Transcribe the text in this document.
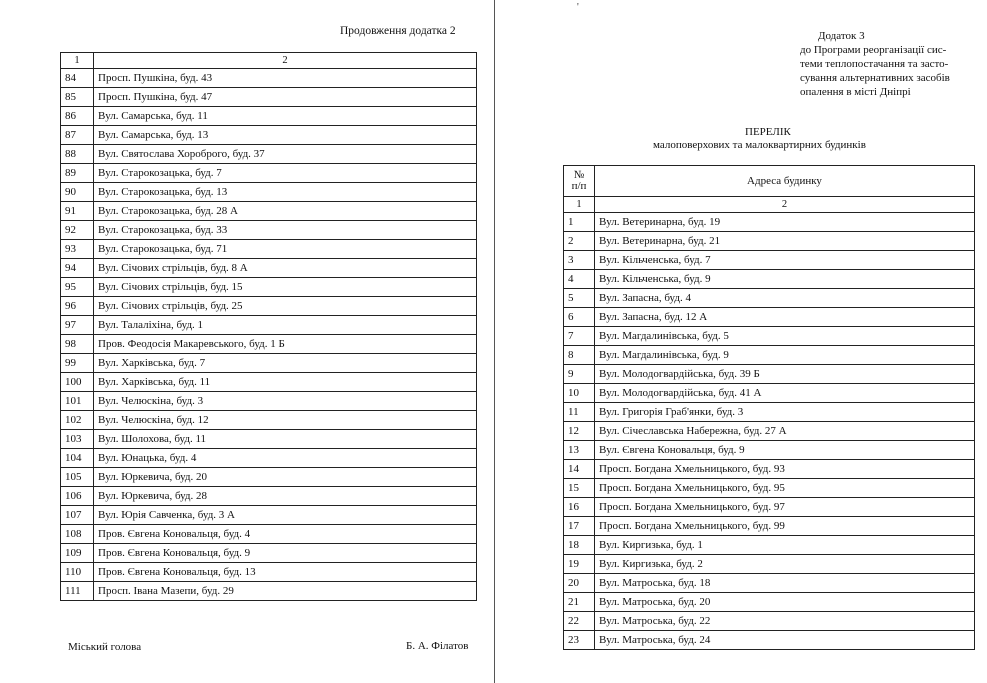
Продовження додатка 2
1	2
84	Просп. Пушкіна, буд. 43
85	Просп. Пушкіна, буд. 47
86	Вул. Самарська, буд. 11
87	Вул. Самарська, буд. 13
88	Вул. Святослава Хороброго, буд. 37
89	Вул. Старокозацька, буд. 7
90	Вул. Старокозацька, буд. 13
91	Вул. Старокозацька, буд. 28 А
92	Вул. Старокозацька, буд. 33
93	Вул. Старокозацька, буд. 71
94	Вул. Січових стрільців, буд. 8 А
95	Вул. Січових стрільців, буд. 15
96	Вул. Січових стрільців, буд. 25
97	Вул. Талаліхіна, буд. 1
98	Пров. Феодосія Макаревського, буд. 1 Б
99	Вул. Харківська, буд. 7
100	Вул. Харківська, буд. 11
101	Вул. Челюскіна, буд. 3
102	Вул. Челюскіна, буд. 12
103	Вул. Шолохова, буд. 11
104	Вул. Юнацька, буд. 4
105	Вул. Юркевича, буд. 20
106	Вул. Юркевича, буд. 28
107	Вул. Юрія Савченка, буд. 3 А
108	Пров. Євгена Коновальця, буд. 4
109	Пров. Євгена Коновальця, буд. 9
110	Пров. Євгена Коновальця, буд. 13
111	Просп. Івана Мазепи, буд. 29
Міський голова	Б. А. Філатов
'
Додаток 3
до Програми реорганізації сис-
теми теплопостачання та засто-
сування альтернативних засобів
опалення в місті Дніпрі
ПЕРЕЛІК
малоповерхових та малоквартирних будинків
№
п/п	Адреса будинку
1	2
1	Вул. Ветеринарна, буд. 19
2	Вул. Ветеринарна, буд. 21
3	Вул. Кільченська, буд. 7
4	Вул. Кільченська, буд. 9
5	Вул. Запасна, буд. 4
6	Вул. Запасна, буд. 12 А
7	Вул. Магдалинівська, буд. 5
8	Вул. Магдалинівська, буд. 9
9	Вул. Молодогвардійська, буд. 39 Б
10	Вул. Молодогвардійська, буд. 41 А
11	Вул. Григорія Граб'янки, буд. 3
12	Вул. Січеславська Набережна, буд. 27 А
13	Вул. Євгена Коновальця, буд. 9
14	Просп. Богдана Хмельницького, буд. 93
15	Просп. Богдана Хмельницького, буд. 95
16	Просп. Богдана Хмельницького, буд. 97
17	Просп. Богдана Хмельницького, буд. 99
18	Вул. Киргизька, буд. 1
19	Вул. Киргизька, буд. 2
20	Вул. Матроська, буд. 18
21	Вул. Матроська, буд. 20
22	Вул. Матроська, буд. 22
23	Вул. Матроська, буд. 24
